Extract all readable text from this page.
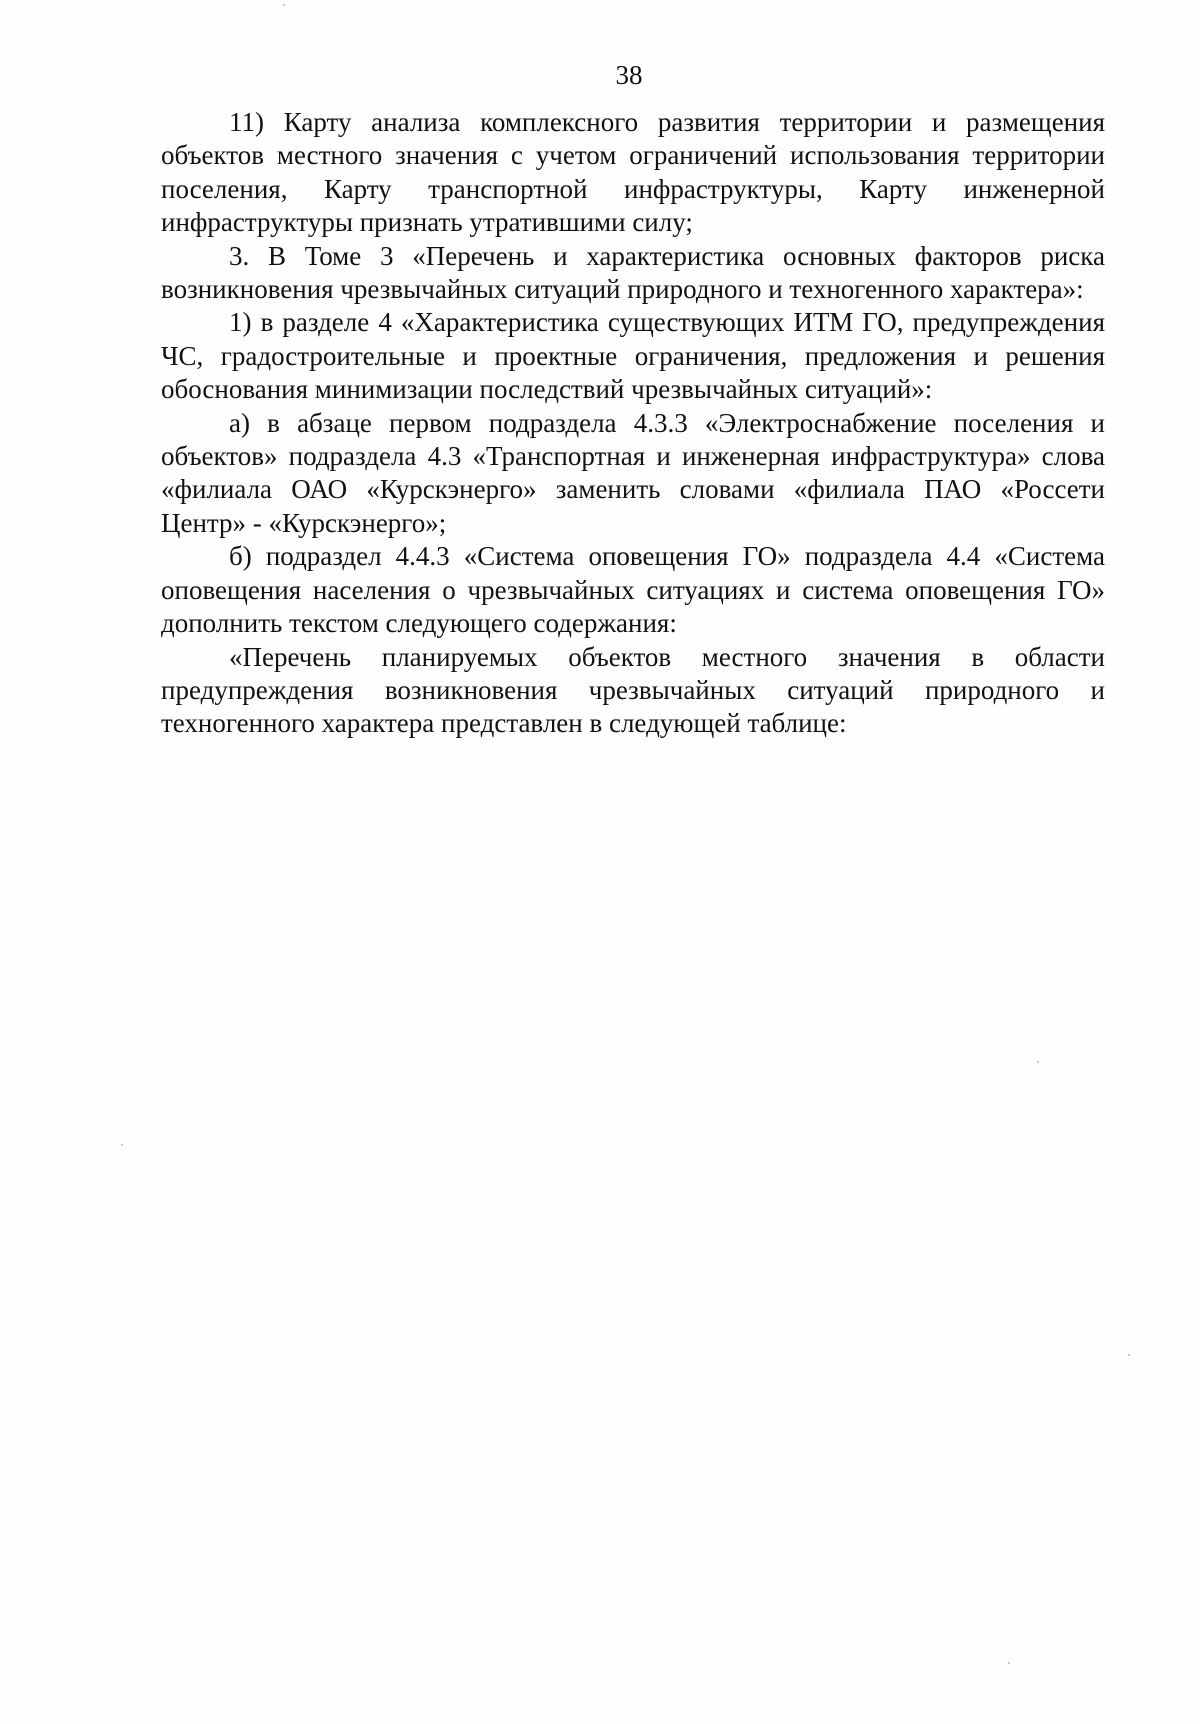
38

11) Карту анализа комплексного развития территории и размещения объектов местного значения с учетом ограничений использования территории поселения, Карту транспортной инфраструктуры, Карту инженерной инфраструктуры признать утратившими силу;

3. В Томе 3 «Перечень и характеристика основных факторов риска возникновения чрезвычайных ситуаций природного и техногенного характера»:

1) в разделе 4 «Характеристика существующих ИТМ ГО, предупреждения ЧС, градостроительные и проектные ограничения, предложения и решения обоснования минимизации последствий чрезвычайных ситуаций»:

а) в абзаце первом подраздела 4.3.3 «Электроснабжение поселения и объектов» подраздела 4.3 «Транспортная и инженерная инфраструктура» слова «филиала ОАО «Курскэнерго» заменить словами «филиала ПАО «Россети Центр» - «Курскэнерго»;

б) подраздел 4.4.3 «Система оповещения ГО» подраздела 4.4 «Система оповещения населения о чрезвычайных ситуациях и система оповещения ГО» дополнить текстом следующего содержания:

«Перечень планируемых объектов местного значения в области предупреждения возникновения чрезвычайных ситуаций природного и техногенного характера представлен в следующей таблице:
